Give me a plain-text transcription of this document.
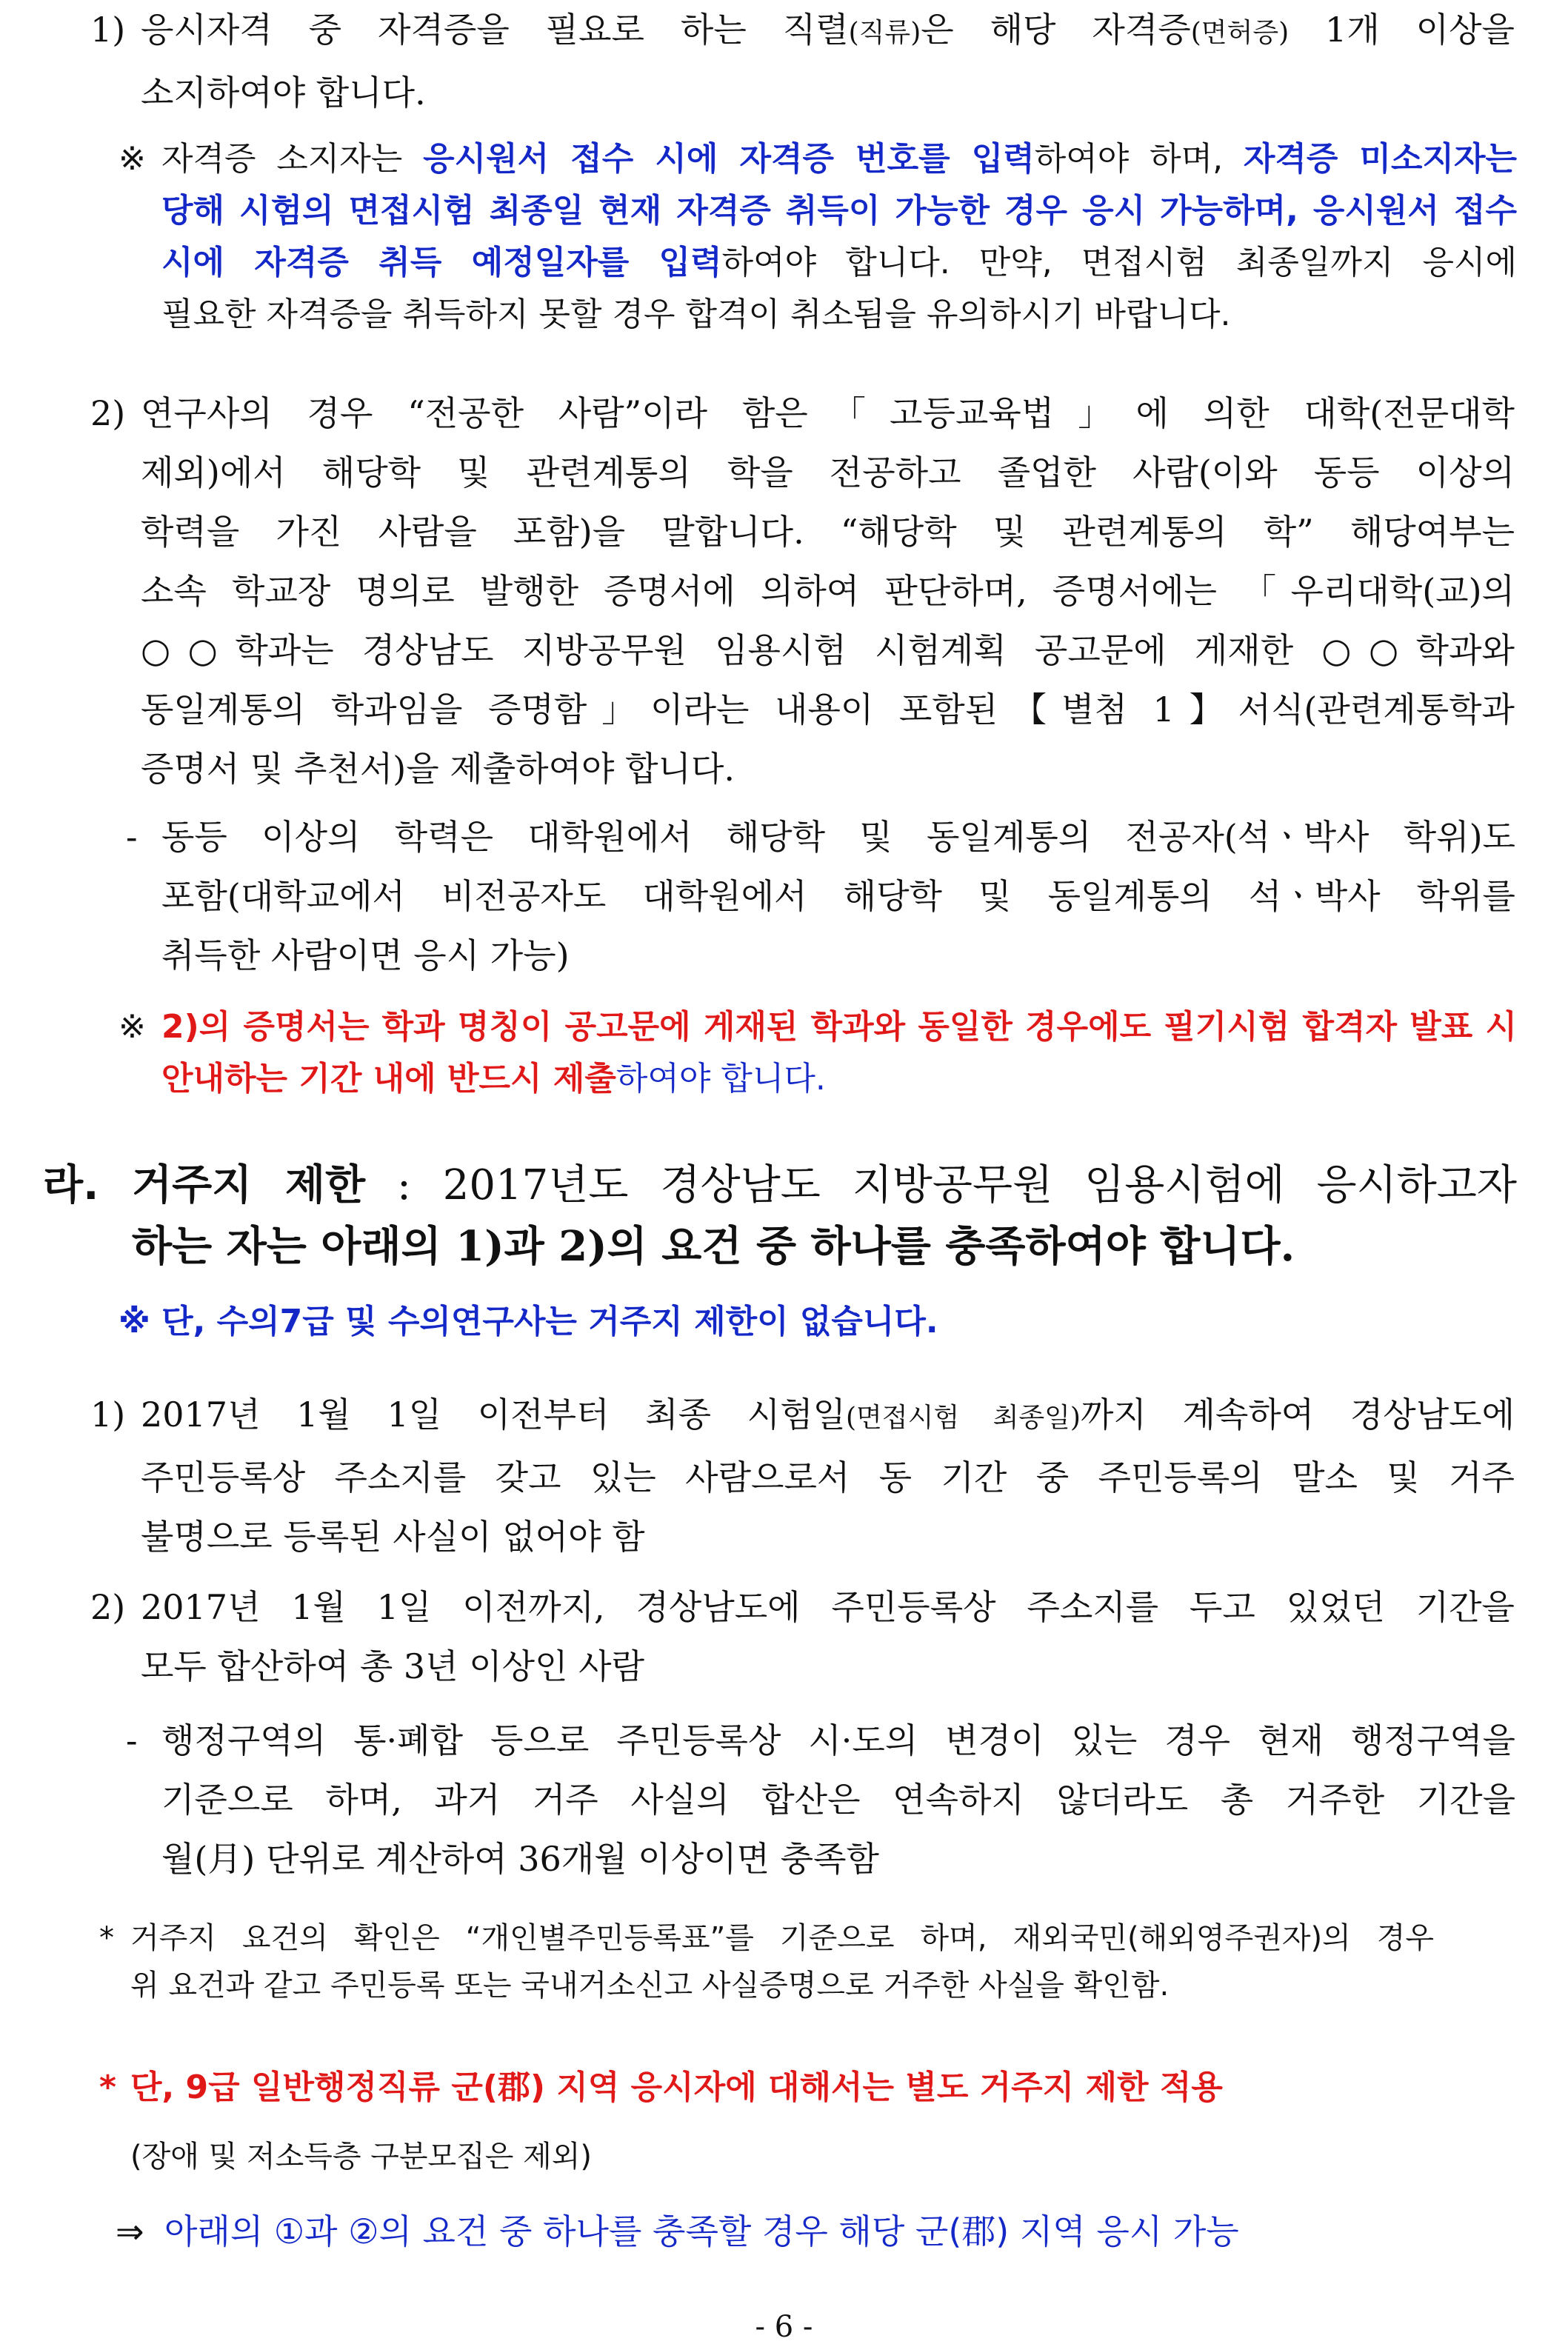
1) 응시자격 중 자격증을 필요로 하는 직렬(직류)은 해당 자격증(면허증) 1개 이상을
소지하여야 합니다.
※ 자격증 소지자는 응시원서 접수 시에 자격증 번호를 입력하여야 하며, 자격증 미소지자는
당해 시험의 면접시험 최종일 현재 자격증 취득이 가능한 경우 응시 가능하며, 응시원서 접수
시에 자격증 취득 예정일자를 입력하여야 합니다. 만약, 면접시험 최종일까지 응시에
필요한 자격증을 취득하지 못할 경우 합격이 취소됨을 유의하시기 바랍니다.
2) 연구사의 경우 “전공한 사람”이라 함은「고등교육법」에 의한 대학(전문대학
제외)에서 해당학 및 관련계통의 학을 전공하고 졸업한 사람(이와 동등 이상의
학력을 가진 사람을 포함)을 말합니다. “해당학 및 관련계통의 학” 해당여부는
소속 학교장 명의로 발행한 증명서에 의하여 판단하며, 증명서에는 「우리대학(교)의
○○학과는 경상남도 지방공무원 임용시험 시험계획 공고문에 게재한 ○○학과와
동일계통의 학과임을 증명함」이라는 내용이 포함된【별첨 1】서식(관련계통학과
증명서 및 추천서)을 제출하여야 합니다.
- 동등 이상의 학력은 대학원에서 해당학 및 동일계통의 전공자(석ㆍ박사 학위)도
포함(대학교에서 비전공자도 대학원에서 해당학 및 동일계통의 석ㆍ박사 학위를
취득한 사람이면 응시 가능)
※ 2)의 증명서는 학과 명칭이 공고문에 게재된 학과와 동일한 경우에도 필기시험 합격자 발표 시
안내하는 기간 내에 반드시 제출하여야 합니다.
라. 거주지 제한 : 2017년도 경상남도 지방공무원 임용시험에 응시하고자
하는 자는 아래의 1)과 2)의 요건 중 하나를 충족하여야 합니다.
※ 단, 수의7급 및 수의연구사는 거주지 제한이 없습니다.
1) 2017년 1월 1일 이전부터 최종 시험일(면접시험 최종일)까지 계속하여 경상남도에
주민등록상 주소지를 갖고 있는 사람으로서 동 기간 중 주민등록의 말소 및 거주
불명으로 등록된 사실이 없어야 함
2) 2017년 1월 1일 이전까지, 경상남도에 주민등록상 주소지를 두고 있었던 기간을
모두 합산하여 총 3년 이상인 사람
- 행정구역의 통·폐합 등으로 주민등록상 시·도의 변경이 있는 경우 현재 행정구역을
기준으로 하며, 과거 거주 사실의 합산은 연속하지 않더라도 총 거주한 기간을
월(月) 단위로 계산하여 36개월 이상이면 충족함
* 거주지 요건의 확인은 “개인별주민등록표”를 기준으로 하며, 재외국민(해외영주권자)의 경우
위 요건과 같고 주민등록 또는 국내거소신고 사실증명으로 거주한 사실을 확인함.
* 단, 9급 일반행정직류 군(郡) 지역 응시자에 대해서는 별도 거주지 제한 적용
(장애 및 저소득층 구분모집은 제외)
⇒ 아래의 ①과 ②의 요건 중 하나를 충족할 경우 해당 군(郡) 지역 응시 가능
- 6 -
